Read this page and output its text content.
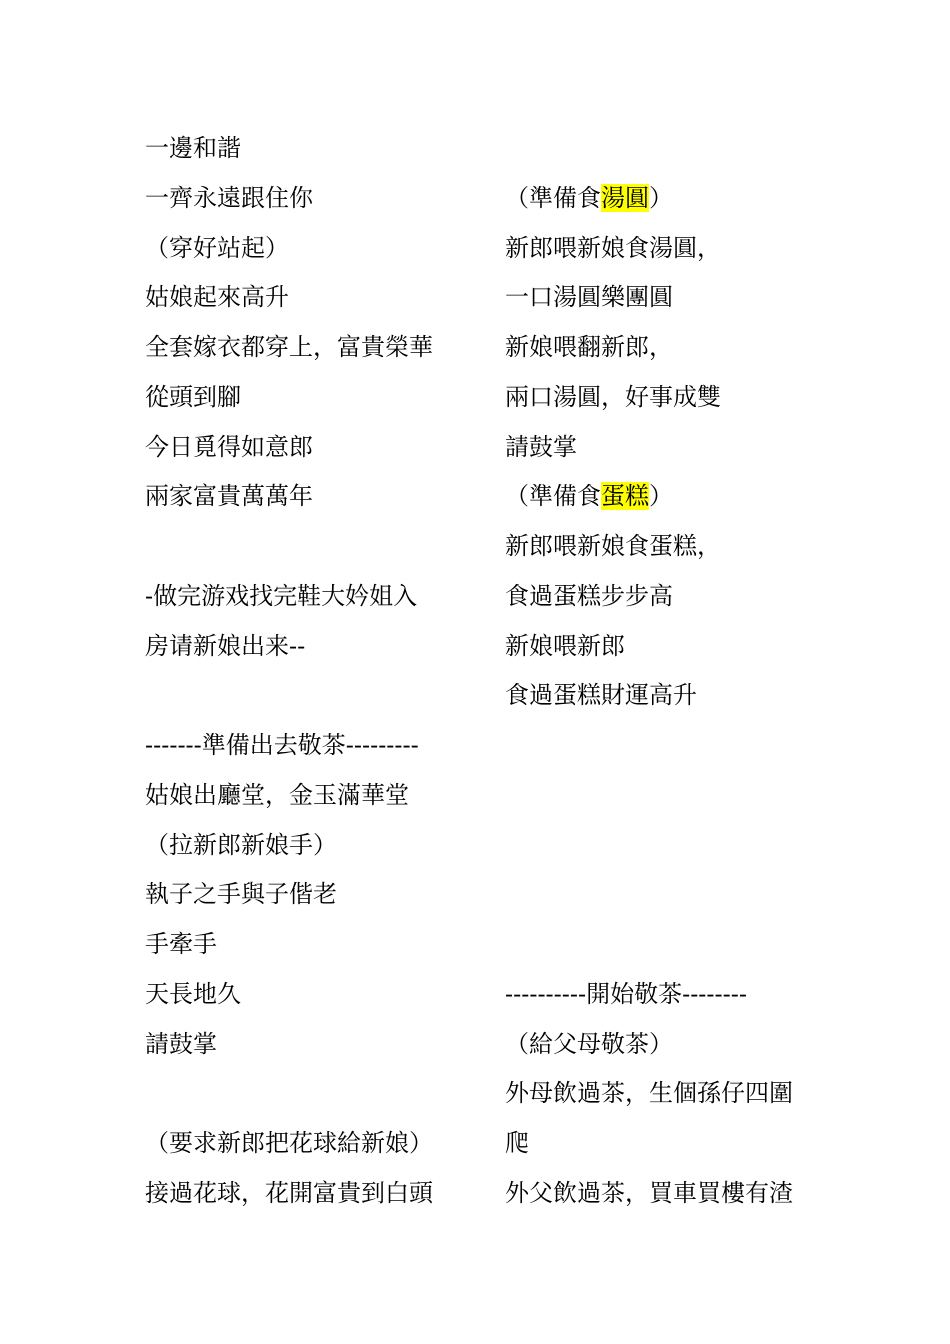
一邊和諧
一齊永遠跟住你
（穿好站起）
姑娘起來高升
全套嫁衣都穿上，富貴榮華
從頭到腳
今日覓得如意郎
兩家富貴萬萬年
-做完游戏找完鞋大妗姐入
房请新娘出来--
-------準備出去敬茶---------
姑娘出廳堂，金玉滿華堂
（拉新郎新娘手）
執子之手與子偕老
手牽手
天長地久
請鼓掌
（要求新郎把花球給新娘）
接過花球，花開富貴到白頭
（準備食湯圓）
新郎喂新娘食湯圓，
一口湯圓樂團圓
新娘喂翻新郎，
兩口湯圓，好事成雙
請鼓掌
（準備食蛋糕）
新郎喂新娘食蛋糕，
食過蛋糕步步高
新娘喂新郎
食過蛋糕財運高升
----------開始敬茶--------
（給父母敬茶）
外母飲過茶，生個孫仔四圍
爬
外父飲過茶，買車買樓有渣
